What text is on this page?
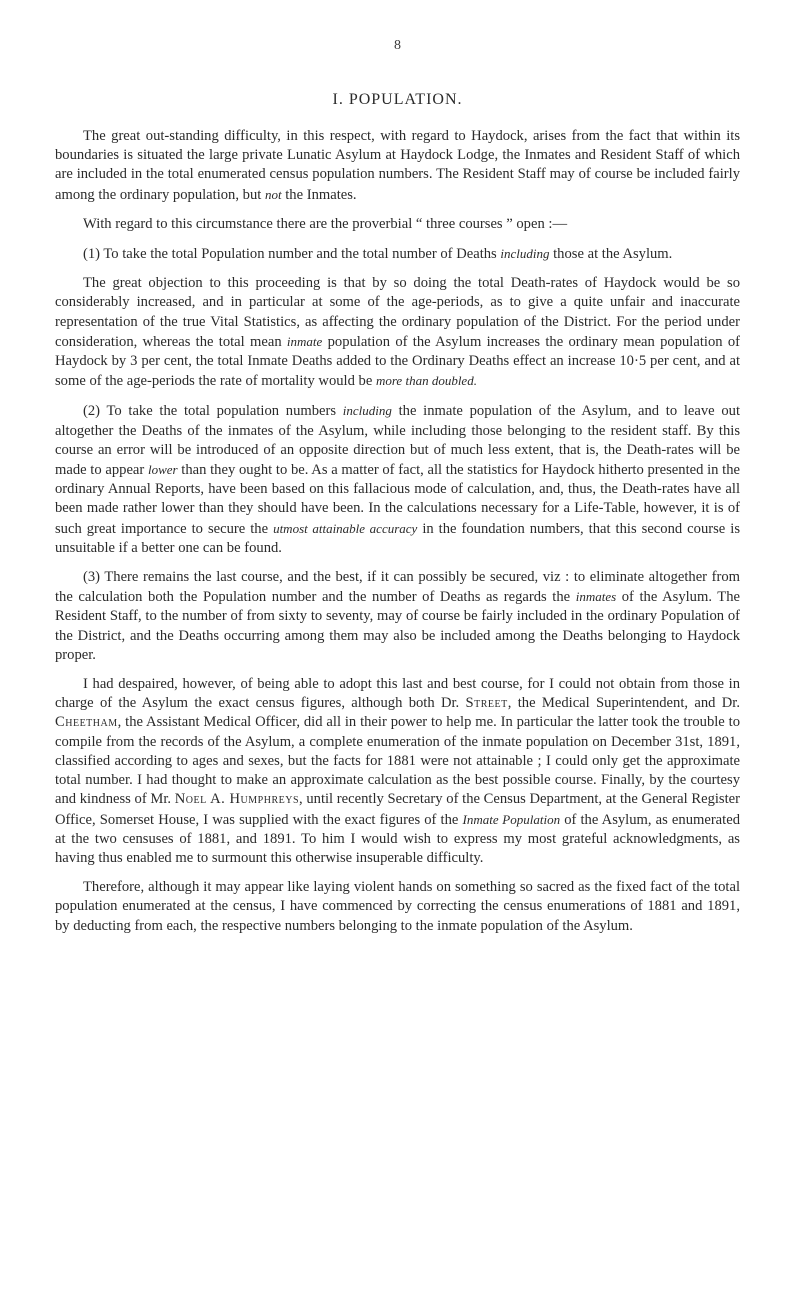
8
I. POPULATION.

The great out-standing difficulty, in this respect, with regard to Haydock, arises from the fact that within its boundaries is situated the large private Lunatic Asylum at Haydock Lodge, the Inmates and Resident Staff of which are included in the total enumerated census population numbers. The Resident Staff may of course be included fairly among the ordinary population, but not the Inmates.

With regard to this circumstance there are the proverbial “ three courses ” open :—

(1) To take the total Population number and the total number of Deaths including those at the Asylum.

The great objection to this proceeding is that by so doing the total Death-rates of Haydock would be so considerably increased, and in particular at some of the age-periods, as to give a quite unfair and inaccurate representation of the true Vital Statistics, as affecting the ordinary population of the District. For the period under consideration, whereas the total mean inmate population of the Asylum increases the ordinary mean population of Haydock by 3 per cent, the total Inmate Deaths added to the Ordinary Deaths effect an increase 10·5 per cent, and at some of the age-periods the rate of mortality would be more than doubled.

(2) To take the total population numbers including the inmate population of the Asylum, and to leave out altogether the Deaths of the inmates of the Asylum, while including those belonging to the resident staff. By this course an error will be introduced of an opposite direction but of much less extent, that is, the Death-rates will be made to appear lower than they ought to be. As a matter of fact, all the statistics for Haydock hitherto presented in the ordinary Annual Reports, have been based on this fallacious mode of calculation, and, thus, the Death-rates have all been made rather lower than they should have been. In the calculations necessary for a Life-Table, however, it is of such great importance to secure the utmost attainable accuracy in the foundation numbers, that this second course is unsuitable if a better one can be found.

(3) There remains the last course, and the best, if it can possibly be secured, viz : to eliminate altogether from the calculation both the Population number and the number of Deaths as regards the inmates of the Asylum. The Resident Staff, to the number of from sixty to seventy, may of course be fairly included in the ordinary Population of the District, and the Deaths occurring among them may also be included among the Deaths belonging to Haydock proper.

I had despaired, however, of being able to adopt this last and best course, for I could not obtain from those in charge of the Asylum the exact census figures, although both Dr. Street, the Medical Superintendent, and Dr. Cheetham, the Assistant Medical Officer, did all in their power to help me. In particular the latter took the trouble to compile from the records of the Asylum, a complete enumeration of the inmate population on December 31st, 1891, classified according to ages and sexes, but the facts for 1881 were not attainable ; I could only get the approximate total number. I had thought to make an approximate calculation as the best possible course. Finally, by the courtesy and kindness of Mr. Noel A. Humphreys, until recently Secretary of the Census Department, at the General Register Office, Somerset House, I was supplied with the exact figures of the Inmate Population of the Asylum, as enumerated at the two censuses of 1881, and 1891. To him I would wish to express my most grateful acknowledgments, as having thus enabled me to surmount this otherwise insuperable difficulty.

Therefore, although it may appear like laying violent hands on something so sacred as the fixed fact of the total population enumerated at the census, I have commenced by correcting the census enumerations of 1881 and 1891, by deducting from each, the respective numbers belonging to the inmate population of the Asylum.
